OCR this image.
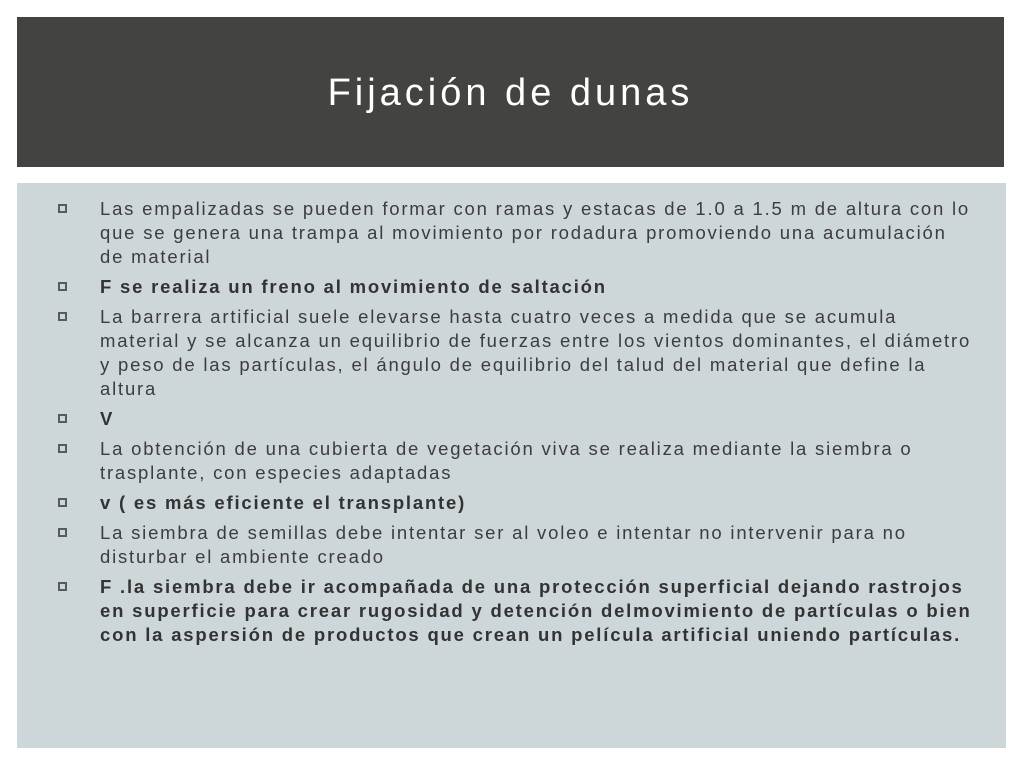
Fijación de dunas
Las empalizadas se pueden formar con ramas y estacas de 1.0 a 1.5 m de altura con lo que se genera una trampa al movimiento por rodadura promoviendo una acumulación de material
F se realiza un freno al movimiento de saltación
La barrera artificial suele elevarse hasta cuatro veces a medida que se acumula material y se alcanza un equilibrio de fuerzas entre los vientos dominantes, el diámetro y peso de las partículas, el ángulo de equilibrio del talud del material que define la altura
V
La obtención de una cubierta de vegetación viva se realiza mediante la siembra o trasplante, con especies adaptadas
v ( es más eficiente el transplante)
La siembra de semillas debe intentar ser al voleo e intentar no intervenir para no disturbar el ambiente creado
F .la siembra debe ir acompañada de una protección superficial dejando rastrojos en superficie para crear rugosidad y detención delmovimiento de partículas o bien con la aspersión de productos que crean un película artificial uniendo partículas.
